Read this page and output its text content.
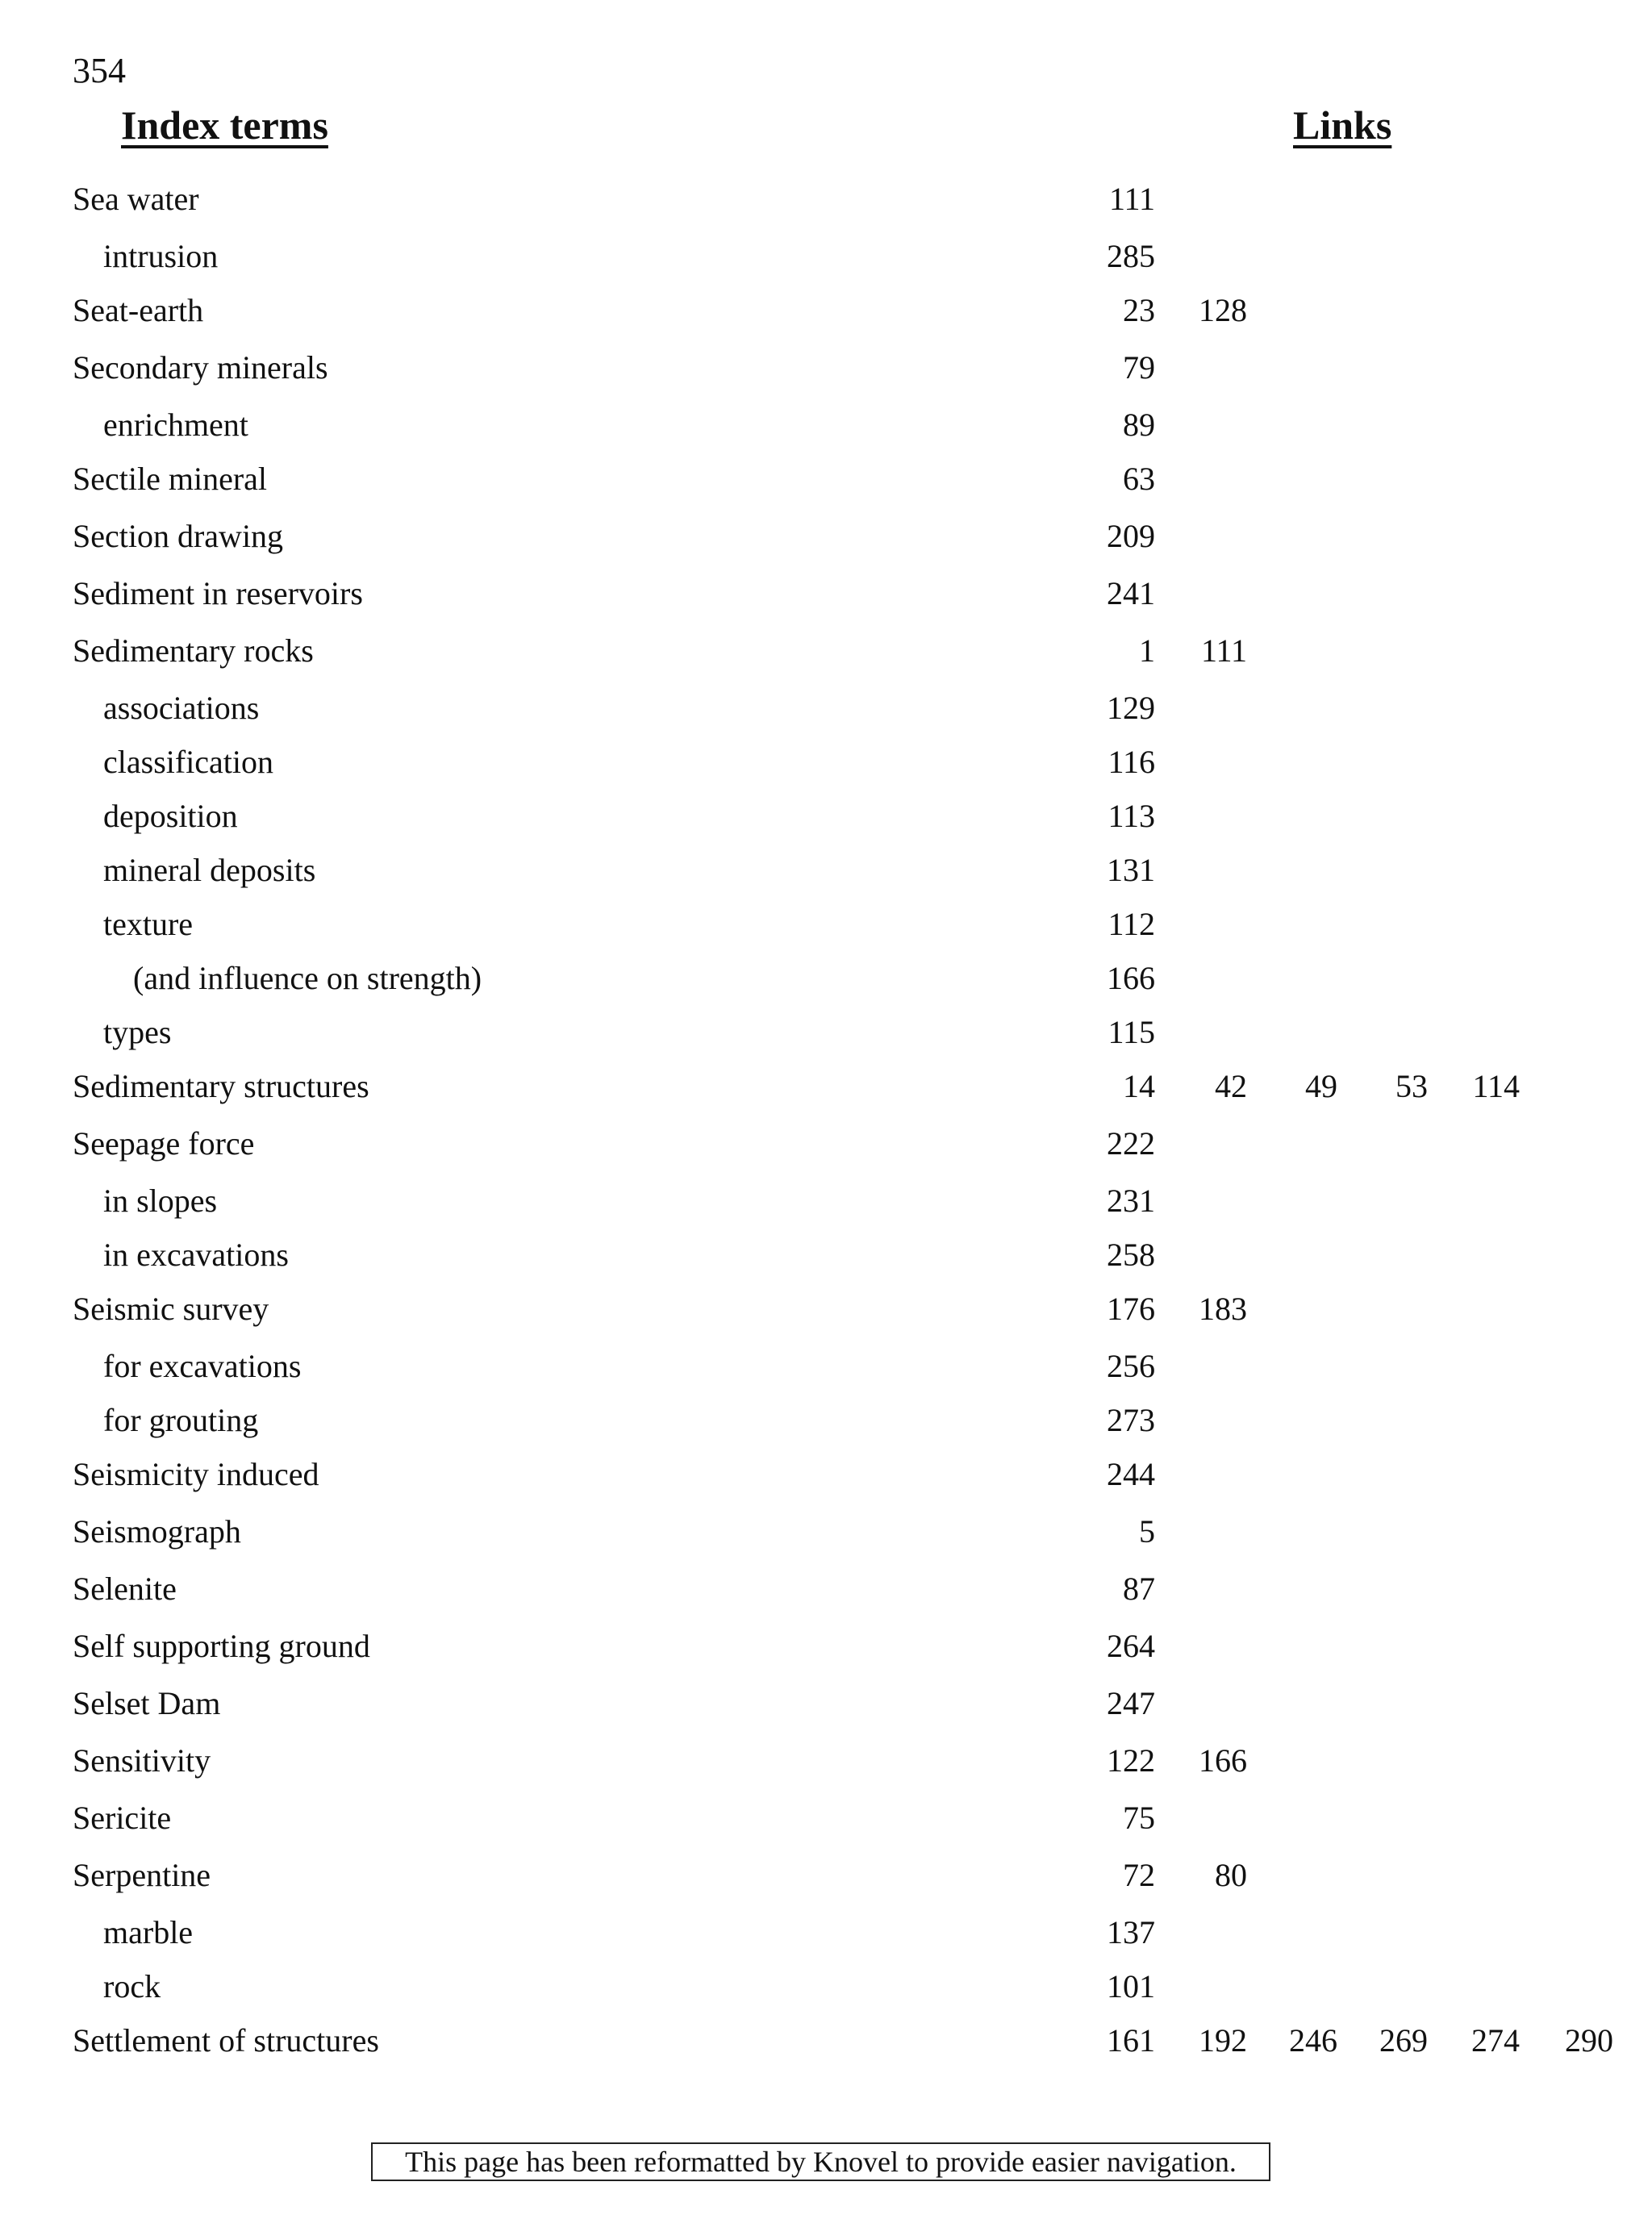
354
Index terms	Links
Sea water	111
intrusion	285
Seat-earth	23	128
Secondary minerals	79
enrichment	89
Sectile mineral	63
Section drawing	209
Sediment in reservoirs	241
Sedimentary rocks	1	111
associations	129
classification	116
deposition	113
mineral deposits	131
texture	112
(and influence on strength)	166
types	115
Sedimentary structures	14	42	49	53	114
Seepage force	222
in slopes	231
in excavations	258
Seismic survey	176	183
for excavations	256
for grouting	273
Seismicity induced	244
Seismograph	5
Selenite	87
Self supporting ground	264
Selset Dam	247
Sensitivity	122	166
Sericite	75
Serpentine	72	80
marble	137
rock	101
Settlement of structures	161	192	246	269	274	290
This page has been reformatted by Knovel to provide easier navigation.
